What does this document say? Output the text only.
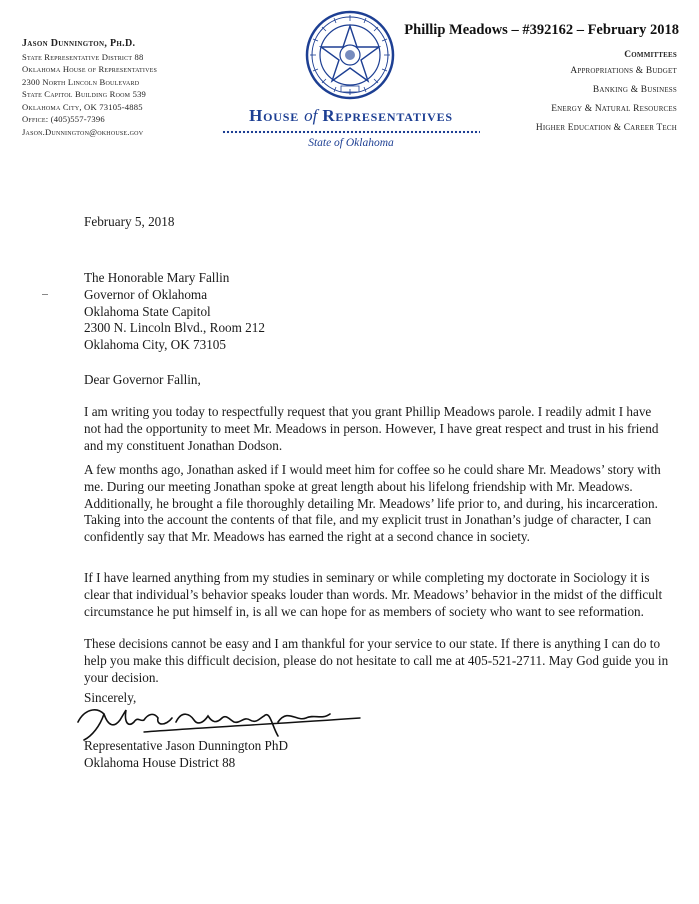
Phillip Meadows – #392162 – February 2018
Jason Dunnington, Ph.D.
State Representative District 88
Oklahoma House of Representatives
2300 North Lincoln Boulevard
State Capitol Building Room 539
Oklahoma City, OK 73105-4885
Office: (405)557-7396
Jason.Dunnington@okhouse.gov
House of Representatives
State of Oklahoma
Committees
Appropriations & Budget
Banking & Business
Energy & Natural Resources
Higher Education & Career Tech
February 5, 2018
The Honorable Mary Fallin
Governor of Oklahoma
Oklahoma State Capitol
2300 N. Lincoln Blvd., Room 212
Oklahoma City, OK 73105
Dear Governor Fallin,

I am writing you today to respectfully request that you grant Phillip Meadows parole. I readily admit I have not had the opportunity to meet Mr. Meadows in person. However, I have great respect and trust in his friend and my constituent Jonathan Dodson.

A few months ago, Jonathan asked if I would meet him for coffee so he could share Mr. Meadows’ story with me. During our meeting Jonathan spoke at great length about his lifelong friendship with Mr. Meadows. Additionally, he brought a file thoroughly detailing Mr. Meadows’ life prior to, and during, his incarceration. Taking into the account the contents of that file, and my explicit trust in Jonathan’s judge of character, I can confidently say that Mr. Meadows has earned the right at a second chance in society.

If I have learned anything from my studies in seminary or while completing my doctorate in Sociology it is clear that individual’s behavior speaks louder than words. Mr. Meadows’ behavior in the midst of the difficult circumstance he put himself in, is all we can hope for as members of society who want to see reformation.

These decisions cannot be easy and I am thankful for your service to our state. If there is anything I can do to help you make this difficult decision, please do not hesitate to call me at 405-521-2711. May God guide you in your decision.

Sincerely,
Representative Jason Dunnington PhD
Oklahoma House District 88
